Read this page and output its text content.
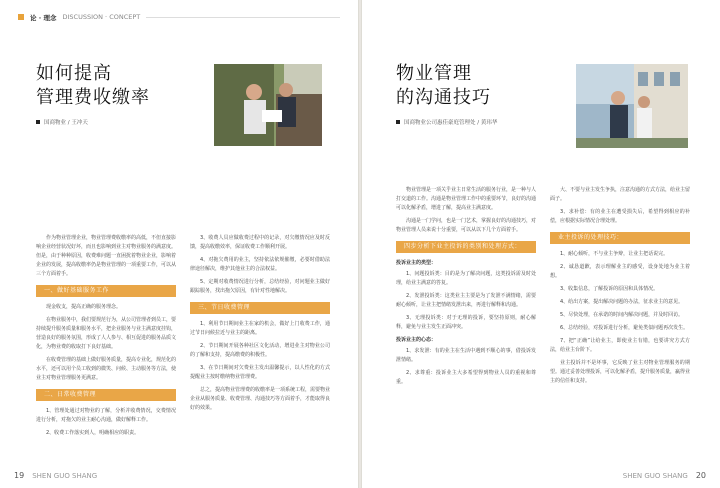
论 · 理念 DISCUSSION · CONCEPT
如何提高
管理费收缴率
国商物业 / 王冲天

作为物业管理企业，物业管理费收缴率的高低，不但直接影响企业经营状况好坏，而且也影响到业主对物业服务的满意度。但是，由于种种原因，收费难问题一直困扰着物业企业，影响着企业的发展，提高收缴率仍是物业管理的一项重要工作，可以从三个方面着手。

一、做好基础服务工作

现金收支，提高正确的服务理念。

在物业服务中，我们要规范行为，从公司管理者到员工，要持续提升服务质量和服务水平，把企业服务与业主满意度挂钩，营造良好的服务氛围，形成了人人参与、相互促进的服务品质文化，为物业费的收取打下良好基础。

在收费管理的基础上做好服务质量，提高专业化，规范化的水平，还可以用个员工收到的微笑、问候、主动服务等方法，使业主对物业管理服务更满意。

二、日常收费管理

1、管理处通过对物业的了解，分析并收费情况，交费情况进行分析，对拖欠的业主耐心沟通，做好解释工作。

2、收费工作落实到人，明确相应的职责。

3、收费人员应做收费过程中的记录，对欠缴情况应及时反馈，提高收缴效率，保证收费工作顺利开展。

4、对拖欠费用的业主，坚持依法依规催缴，必要时借助法律途径解决，维护其他业主的合法权益。

5、定期对收费情况进行分析，总结经验，对问题业主做好跟踪服务，找出拖欠原因，有针对性地解决。

三、节日收费管理

1、利用节日期间业主在家的机会，做好上门收费工作，通过节日问候拉近与业主的距离。

2、节日期间开展各种社区文化活动，增进业主对物业公司的了解和支持，提高缴费的积极性。

3、在节日期间对欠费业主发出温馨提示，以人性化的方式提醒业主按时缴纳物业管理费。

总之，提高物业管理费的收缴率是一项系统工程，需要物业企业从服务质量、收费管理、沟通技巧等方面着手，才能取得良好的效果。

19 SHEN GUO SHANG
物业管理
的沟通技巧
国商物业公司惠佳豪庭管理处 / 黄玮华

物业管理是一项关乎业主日常生活的服务行业，是一种与人打交道的工作。沟通是物业管理工作中的重要环节，良好的沟通可以化解矛盾，增进了解，提高业主满意度。

沟通是一门学问，也是一门艺术，掌握良好的沟通技巧，对物业管理人员来说十分重要，可以从以下几个方面着手。

四步分析下业主投诉的类别和处理方式：
投诉业主的类型：

1、问题投诉类：目的是为了解决问题，这类投诉需及时处理，给业主满意的答复。

2、发泄投诉类：这类业主主要是为了发泄不满情绪，需要耐心倾听，让业主把情绪发泄出来，再进行解释和沟通。

3、无理投诉类：对于无理的投诉，要坚持原则，耐心解释，避免与业主发生正面冲突。

投诉业主的心态：

1、求发泄：有的业主在生活中遇到不顺心的事，借投诉发泄情绪。

2、求尊重：投诉业主大多希望得到物业人员的重视和尊重。

大、不要与业主发生争执，注意沟通的方式方法，给业主留面子。

3、求补偿：有的业主在遭受损失后，希望得到相应的补偿，应根据实际情况合理处理。

业主投诉的处理技巧：

1、耐心倾听，不与业主争辩，让业主把话说完。

2、诚恳道歉，表示理解业主的感受，设身处地为业主着想。

3、收集信息，了解投诉的原因和具体情况。

4、给出方案，提出解决问题的办法，征求业主的意见。

5、尽快处理，在承诺的时间内解决问题，并及时回访。

6、总结经验，对投诉进行分析，避免类似问题再次发生。

7、把“正确”让给业主，即使业主有错，也要讲究方式方法，给业主台阶下。

业主投诉并不是坏事，它反映了业主对物业管理服务的期望。通过妥善处理投诉，可以化解矛盾，提升服务质量，赢得业主的信任和支持。

SHEN GUO SHANG 20
